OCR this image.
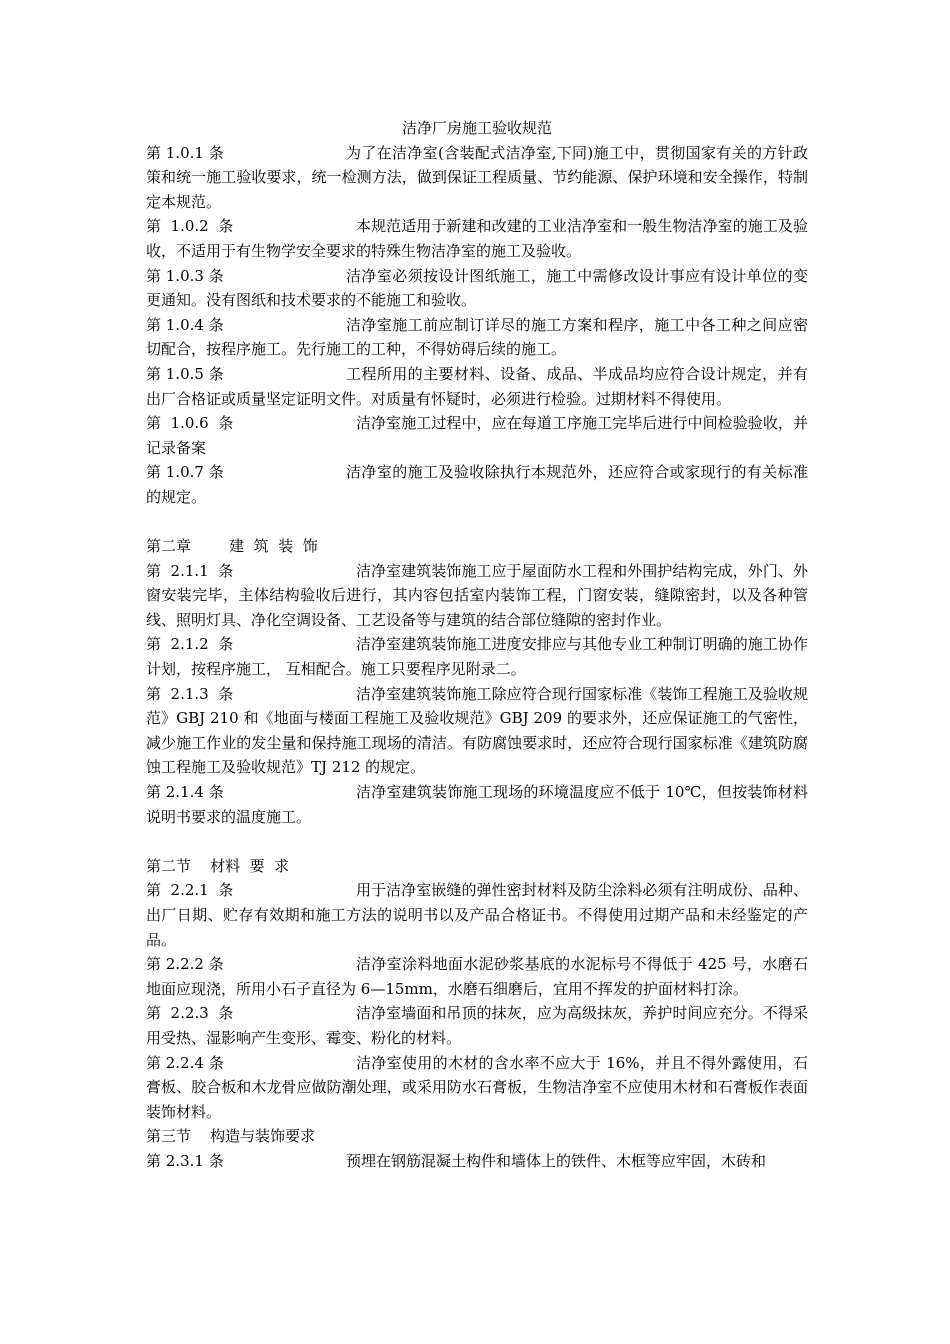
洁净厂房施工验收规范
第 1.0.1 条	为了在洁净室(含装配式洁净室,下同)施工中，贯彻国家有关的方针政策和统一施工验收要求，统一检测方法，做到保证工程质量、节约能源、保护环境和安全操作，特制定本规范。
第  1.0.2  条	本规范适用于新建和改建的工业洁净室和一般生物洁净室的施工及验收，不适用于有生物学安全要求的特殊生物洁净室的施工及验收。
第 1.0.3 条	洁净室必须按设计图纸施工，施工中需修改设计事应有设计单位的变更通知。没有图纸和技术要求的不能施工和验收。
第 1.0.4 条	洁净室施工前应制订详尽的施工方案和程序，施工中各工种之间应密切配合，按程序施工。先行施工的工种，不得妨碍后续的施工。
第 1.0.5 条	工程所用的主要材料、设备、成品、半成品均应符合设计规定，并有出厂合格证或质量坚定证明文件。对质量有怀疑时，必须进行检验。过期材料不得使用。
第  1.0.6  条	洁净室施工过程中，应在每道工序施工完毕后进行中间检验验收，并记录备案
第 1.0.7 条	洁净室的施工及验收除执行本规范外，还应符合或家现行的有关标准的规定。
第二章        建  筑  装  饰
第  2.1.1  条	洁净室建筑装饰施工应于屋面防水工程和外围护结构完成，外门、外窗安装完毕，主体结构验收后进行，其内容包括室内装饰工程，门窗安装，缝隙密封，以及各种管线、照明灯具、净化空调设备、工艺设备等与建筑的结合部位缝隙的密封作业。
第  2.1.2  条	洁净室建筑装饰施工进度安排应与其他专业工种制订明确的施工协作计划，按程序施工， 互相配合。施工只要程序见附录二。
第  2.1.3  条	洁净室建筑装饰施工除应符合现行国家标准《装饰工程施工及验收规范》GBJ 210 和《地面与楼面工程施工及验收规范》GBJ 209 的要求外，还应保证施工的气密性，减少施工作业的发尘量和保持施工现场的清洁。有防腐蚀要求时，还应符合现行国家标准《建筑防腐蚀工程施工及验收规范》TJ 212 的规定。
第 2.1.4 条	洁净室建筑装饰施工现场的环境温度应不低于 10℃，但按装饰材料说明书要求的温度施工。
第二节    材料  要  求
第  2.2.1  条	用于洁净室嵌缝的弹性密封材料及防尘涂料必须有注明成份、品种、出厂日期、贮存有效期和施工方法的说明书以及产品合格证书。不得使用过期产品和未经鉴定的产品。
第 2.2.2 条	洁净室涂料地面水泥砂浆基底的水泥标号不得低于 425 号，水磨石地面应现浇，所用小石子直径为 6—15mm，水磨石细磨后，宜用不挥发的护面材料打涂。
第  2.2.3  条	洁净室墙面和吊顶的抹灰，应为高级抹灰，养护时间应充分。不得采用受热、湿影响产生变形、霉变、粉化的材料。
第 2.2.4 条	洁净室使用的木材的含水率不应大于 16%，并且不得外露使用，石膏板、胶合板和木龙骨应做防潮处理，或采用防水石膏板，生物洁净室不应使用木材和石膏板作表面装饰材料。
第三节    构造与装饰要求
第 2.3.1 条	预埋在钢筋混凝土构件和墙体上的铁件、木框等应牢固，木砖和
